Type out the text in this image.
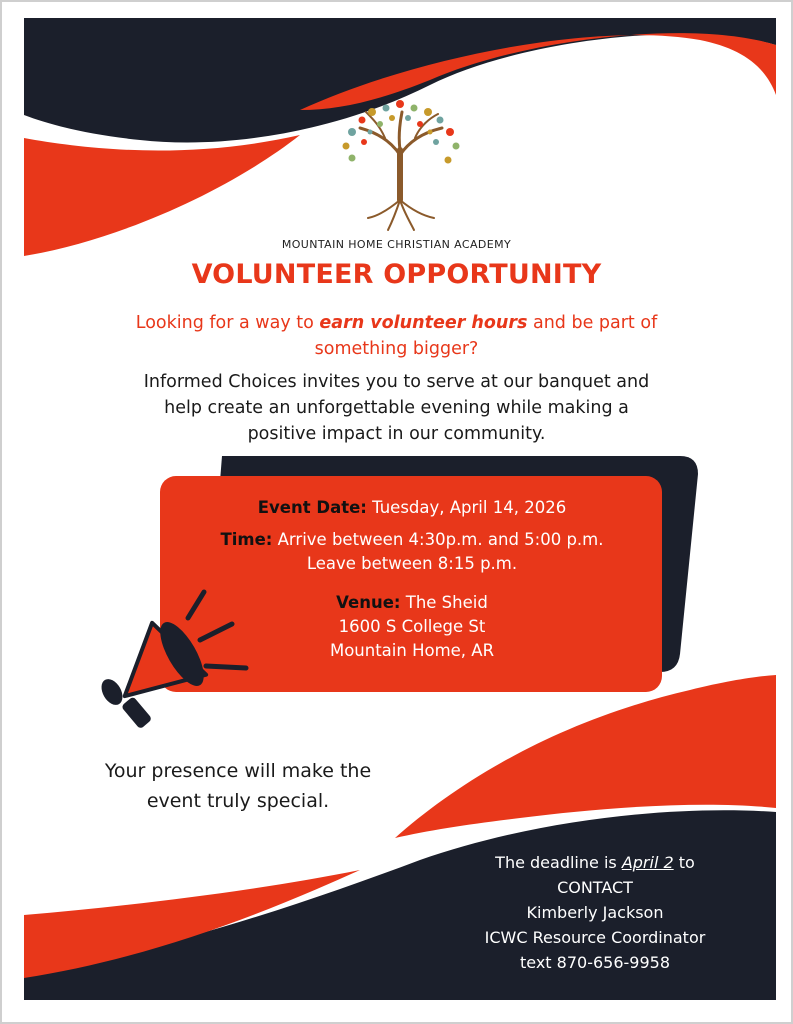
MOUNTAIN HOME CHRISTIAN ACADEMY
VOLUNTEER OPPORTUNITY
Looking for a way to earn volunteer hours and be part of
something bigger?
Informed Choices invites you to serve at our banquet and
help create an unforgettable evening while making a
positive impact in our community.
Event Date: Tuesday, April 14, 2026
Time: Arrive between 4:30p.m. and 5:00 p.m.
Leave between 8:15 p.m.
Venue: The Sheid
1600 S College St
Mountain Home, AR
Your presence will make the
event truly special.
The deadline is April 2 to
CONTACT
Kimberly Jackson
ICWC Resource Coordinator
text 870-656-9958
